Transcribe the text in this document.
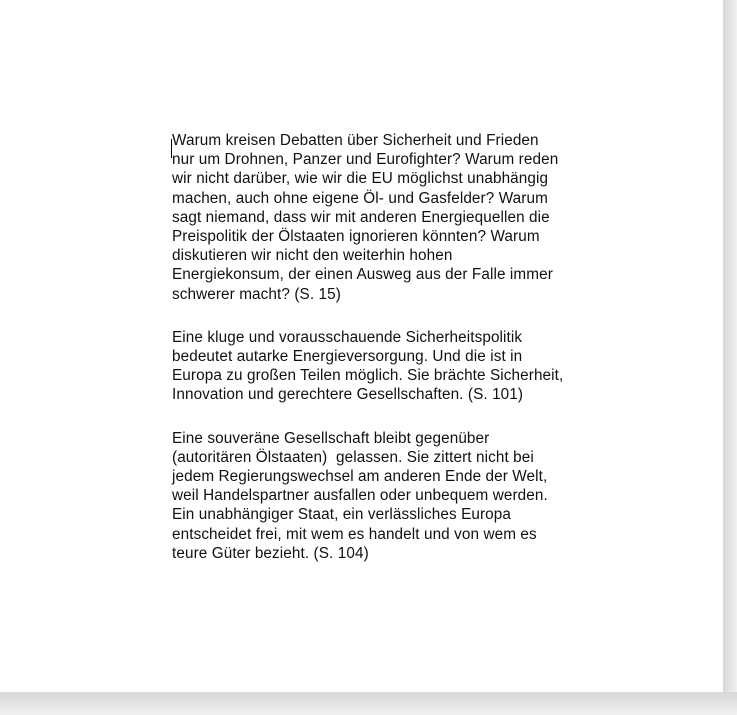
Warum kreisen Debatten über Sicherheit und Frieden nur um Drohnen, Panzer und Eurofighter? Warum reden wir nicht darüber, wie wir die EU möglichst unabhängig machen, auch ohne eigene Öl- und Gasfelder? Warum sagt niemand, dass wir mit anderen Energiequellen die Preispolitik der Ölstaaten ignorieren könnten? Warum diskutieren wir nicht den weiterhin hohen Energiekonsum, der einen Ausweg aus der Falle immer schwerer macht? (S. 15)

Eine kluge und vorausschauende Sicherheitspolitik bedeutet autarke Energieversorgung. Und die ist in Europa zu großen Teilen möglich. Sie brächte Sicherheit, Innovation und gerechtere Gesellschaften. (S. 101)

Eine souveräne Gesellschaft bleibt gegenüber (autoritären Ölstaaten)  gelassen. Sie zittert nicht bei jedem Regierungswechsel am anderen Ende der Welt, weil Handelspartner ausfallen oder unbequem werden. Ein unabhängiger Staat, ein verlässliches Europa entscheidet frei, mit wem es handelt und von wem es teure Güter bezieht. (S. 104)
